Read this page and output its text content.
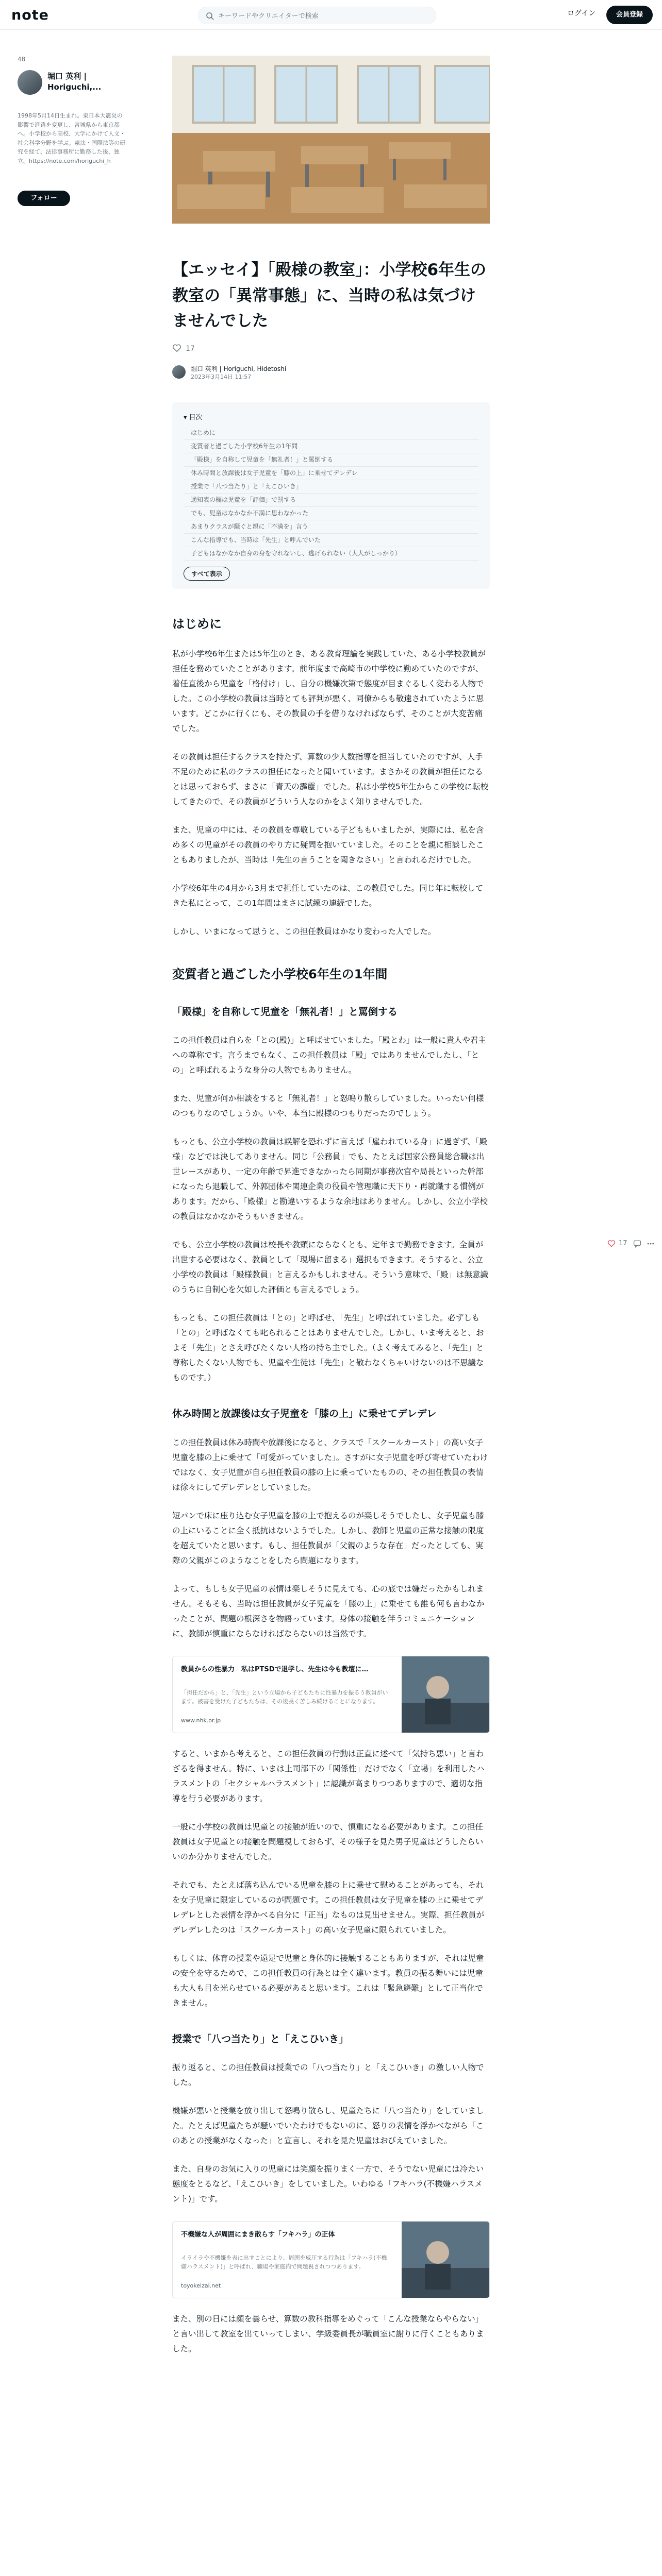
note
キーワードやクリエイターで検索	ログイン	会員登録
48
堀口 英利 | Horiguchi,...
1998年5月14日生まれ。東日本大震災の影響で進路を変更し、宮城県から東京都へ。小学校から高校、大学にかけて人文・社会科学分野を学ぶ。憲法・国際法等の研究を経て、法律事務所に勤務した後、独立。https://note.com/horiguchi_h
フォロー
【エッセイ】「殿様の教室」：小学校6年生の教室の「異常事態」に、当時の私は気づけませんでした
17
堀口 英利 | Horiguchi, Hidetoshi
2023年3月14日 11:57
▾ 目次
はじめに
変質者と過ごした小学校6年生の1年間
「殿様」を自称して児童を「無礼者！」と罵倒する
休み時間と放課後は女子児童を「膝の上」に乗せてデレデレ
授業で「八つ当たり」と「えこひいき」
通知表の欄は児童を「評価」で罰する
でも、児童はなかなか不満に思わなかった
あまりクラスが騒ぐと親に「不満を」言う
こんな指導でも、当時は「先生」と呼んでいた
子どもはなかなか自身の身を守れないし、逃げられない（大人がしっかり）
すべて表示
はじめに
私が小学校6年生または5年生のとき、ある教育理論を実践していた、ある小学校教員が担任を務めていたことがあります。前年度まで高崎市の中学校に勤めていたのですが、着任直後から児童を「格付け」し、自分の機嫌次第で態度が目まぐるしく変わる人物でした。この小学校の教員は当時とても評判が悪く、同僚からも敬遠されていたように思います。どこかに行くにも、その教員の手を借りなければならず、そのことが大変苦痛でした。
その教員は担任するクラスを持たず、算数の少人数指導を担当していたのですが、人手不足のために私のクラスの担任になったと聞いています。まさかその教員が担任になるとは思っておらず、まさに「青天の霹靂」でした。私は小学校5年生からこの学校に転校してきたので、その教員がどういう人なのかをよく知りませんでした。
また、児童の中には、その教員を尊敬している子どももいましたが、実際には、私を含め多くの児童がその教員のやり方に疑問を抱いていました。そのことを親に相談したこともありましたが、当時は「先生の言うことを聞きなさい」と言われるだけでした。
小学校6年生の4月から3月まで担任していたのは、この教員でした。同じ年に転校してきた私にとって、この1年間はまさに試練の連続でした。
しかし、いまになって思うと、この担任教員はかなり変わった人でした。
変質者と過ごした小学校6年生の1年間
「殿様」を自称して児童を「無礼者！」と罵倒する
この担任教員は自らを「との(殿)」と呼ばせていました。「殿とわ」は一般に貴人や君主への尊称です。言うまでもなく、この担任教員は「殿」ではありませんでしたし、「との」と呼ばれるような身分の人物でもありません。
また、児童が何か相談をすると「無礼者！」と怒鳴り散らしていました。いったい何様のつもりなのでしょうか。いや、本当に殿様のつもりだったのでしょう。
もっとも、公立小学校の教員は誤解を恐れずに言えば「雇われている身」に過ぎず、「殿様」などでは決してありません。同じ「公務員」でも、たとえば国家公務員総合職は出世レースがあり、一定の年齢で昇進できなかったら同期が事務次官や局長といった幹部になったら退職して、外郭団体や関連企業の役員や管理職に天下り・再就職する慣例があります。だから、「殿様」と勘違いするような余地はありません。しかし、公立小学校の教員はなかなかそうもいきません。
でも、公立小学校の教員は校長や教頭にならなくとも、定年まで勤務できます。全員が出世する必要はなく、教員として「現場に留まる」選択もできます。そうすると、公立小学校の教員は「殿様教員」と言えるかもしれません。そういう意味で、「殿」は無意識のうちに自制心を欠如した評価とも言えるでしょう。
もっとも、この担任教員は「との」と呼ばせ、「先生」と呼ばれていました。必ずしも「との」と呼ばなくても叱られることはありませんでした。しかし、いま考えると、およそ「先生」とさえ呼びたくない人格の持ち主でした。（よく考えてみると、「先生」と尊称したくない人物でも、児童や生徒は「先生」と敬わなくちゃいけないのは不思議なものです。）
休み時間と放課後は女子児童を「膝の上」に乗せてデレデレ
この担任教員は休み時間や放課後になると、クラスで「スクールカースト」の高い女子児童を膝の上に乗せて「可愛がっていました」。さすがに女子児童を呼び寄せていたわけではなく、女子児童が自ら担任教員の膝の上に乗っていたものの、その担任教員の表情は徐々にしてデレデレとしていました。
短パンで床に座り込む女子児童を膝の上で抱えるのが楽しそうでしたし、女子児童も膝の上にいることに全く抵抗はないようでした。しかし、教師と児童の正常な接触の限度を超えていたと思います。もし、担任教員が「父親のような存在」だったとしても、実際の父親がこのようなことをしたら問題になります。
よって、もしも女子児童の表情は楽しそうに見えても、心の底では嫌だったかもしれません。そもそも、当時は担任教員が女子児童を「膝の上」に乗せても誰も何も言わなかったことが、問題の根深さを物語っています。身体の接触を伴うコミュニケーションに、教師が慎重にならなければならないのは当然です。
教員からの性暴力　私はPTSDで退学し、先生は今も教壇に…
「担任だから」と、「先生」という立場から子どもたちに性暴力を振るう教員がいます。被害を受けた子どもたちは、その後長く苦しみ続けることになります。
www.nhk.or.jp
すると、いまから考えると、この担任教員の行動は正直に述べて「気持ち悪い」と言わざるを得ません。特に、いまは上司部下の「関係性」だけでなく「立場」を利用したハラスメントの「セクシャルハラスメント」に認識が高まりつつありますので、適切な指導を行う必要があります。
一般に小学校の教員は児童との接触が近いので、慎重になる必要があります。この担任教員は女子児童との接触を問題視しておらず、その様子を見た男子児童はどうしたらいいのか分かりませんでした。
それでも、たとえば落ち込んでいる児童を膝の上に乗せて慰めることがあっても、それを女子児童に限定しているのが問題です。この担任教員は女子児童を膝の上に乗せてデレデレとした表情を浮かべる自分に「正当」なものは見出せません。実際、担任教員がデレデレしたのは「スクールカースト」の高い女子児童に限られていました。
もしくは、体育の授業や遠足で児童と身体的に接触することもありますが、それは児童の安全を守るためで、この担任教員の行為とは全く違います。教員の振る舞いには児童も大人も目を光らせている必要があると思います。これは「緊急避難」として正当化できません。
授業で「八つ当たり」と「えこひいき」
振り返ると、この担任教員は授業での「八つ当たり」と「えこひいき」の激しい人物でした。
機嫌が悪いと授業を放り出して怒鳴り散らし、児童たちに「八つ当たり」をしていました。たとえば児童たちが騒いでいたわけでもないのに、怒りの表情を浮かべながら「このあとの授業がなくなった」と宣言し、それを見た児童はおびえていました。
また、自身のお気に入りの児童には笑顔を振りまく一方で、そうでない児童には冷たい態度をとるなど、「えこひいき」をしていました。いわゆる「フキハラ(不機嫌ハラスメント)」です。
不機嫌な人が周囲にまき散らす「フキハラ」の正体
イライラや不機嫌を表に出すことにより、周囲を威圧する行為は「フキハラ(不機嫌ハラスメント)」と呼ばれ、職場や家庭内で問題視されつつあります。
toyokeizai.net
また、別の日には顔を曇らせ、算数の教科指導をめぐって「こんな授業ならやらない」と言い出して教室を出ていってしまい、学級委員長が職員室に謝りに行くこともありました。
17
